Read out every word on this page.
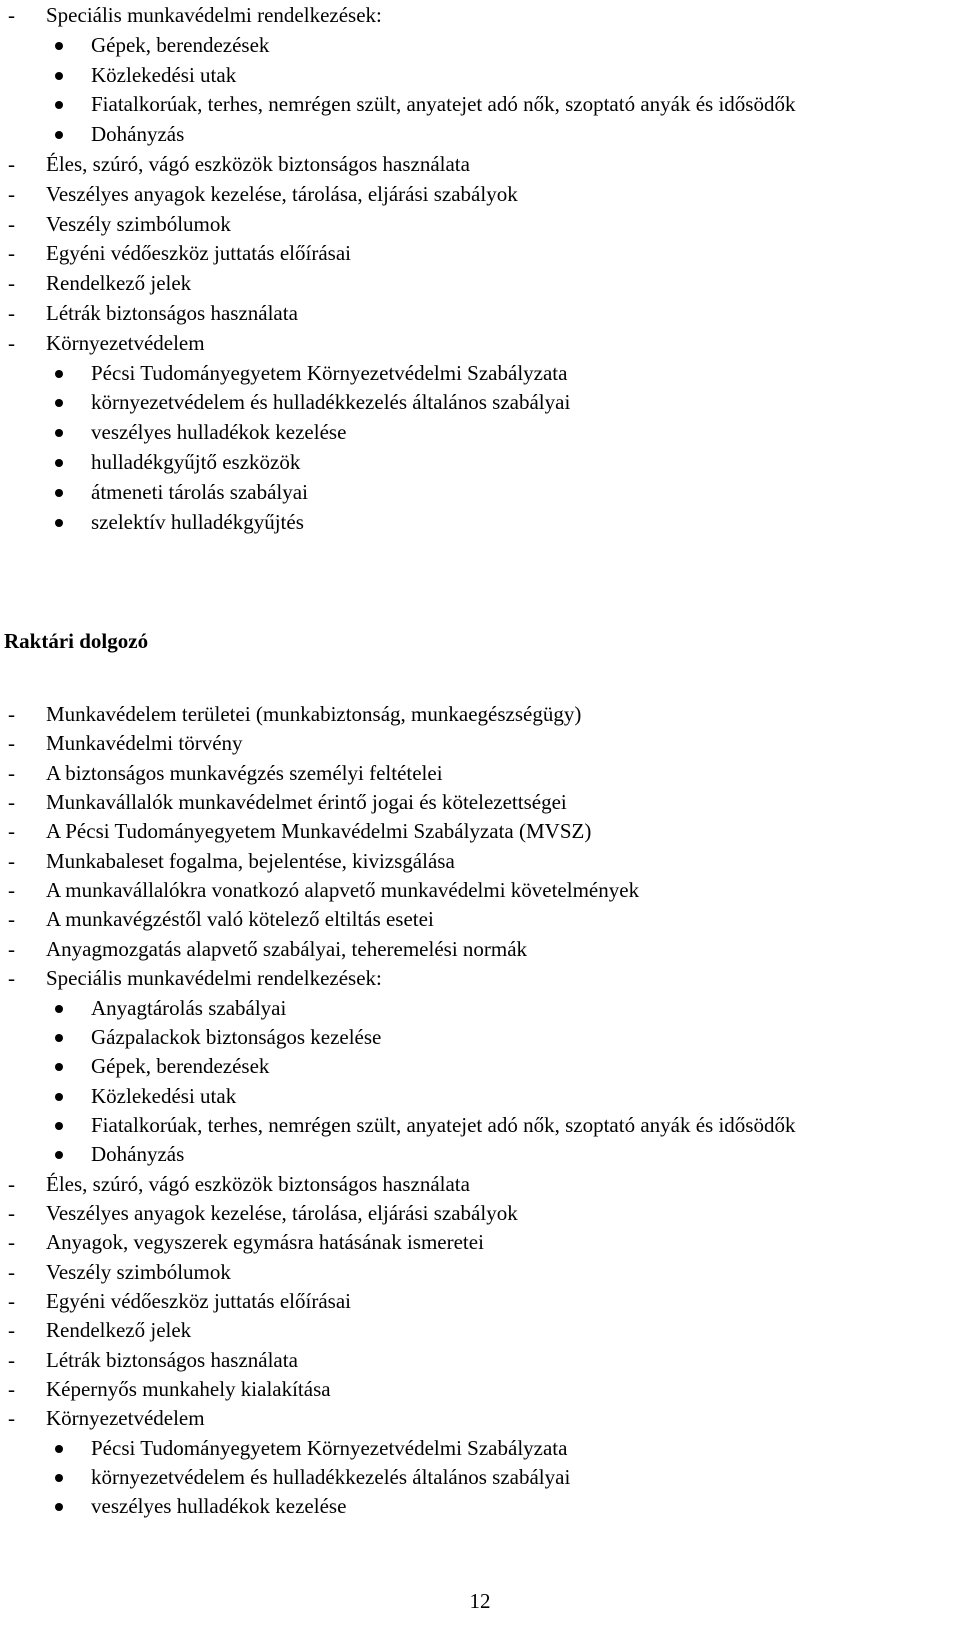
- Speciális munkavédelmi rendelkezések:
Gépek, berendezések
Közlekedési utak
Fiatalkorúak, terhes, nemrégen szült, anyatejet adó nők, szoptató anyák és idősödők
Dohányzás
- Éles, szúró, vágó eszközök biztonságos használata
- Veszélyes anyagok kezelése, tárolása, eljárási szabályok
- Veszély szimbólumok
- Egyéni védőeszköz juttatás előírásai
- Rendelkező jelek
- Létrák biztonságos használata
- Környezetvédelem
Pécsi Tudományegyetem Környezetvédelmi Szabályzata
környezetvédelem és hulladékkezelés általános szabályai
veszélyes hulladékok kezelése
hulladékgyűjtő eszközök
átmeneti tárolás szabályai
szelektív hulladékgyűjtés
Raktári dolgozó
- Munkavédelem területei (munkabiztonság, munkaegészségügy)
- Munkavédelmi törvény
- A biztonságos munkavégzés személyi feltételei
- Munkavállalók munkavédelmet érintő jogai és kötelezettségei
- A Pécsi Tudományegyetem Munkavédelmi Szabályzata (MVSZ)
- Munkabaleset fogalma, bejelentése, kivizsgálása
- A munkavállalókra vonatkozó alapvető munkavédelmi követelmények
- A munkavégzéstől való kötelező eltiltás esetei
- Anyagmozgatás alapvető szabályai, teheremelési normák
- Speciális munkavédelmi rendelkezések:
Anyagtárolás szabályai
Gázpalackok biztonságos kezelése
Gépek, berendezések
Közlekedési utak
Fiatalkorúak, terhes, nemrégen szült, anyatejet adó nők, szoptató anyák és idősödők
Dohányzás
- Éles, szúró, vágó eszközök biztonságos használata
- Veszélyes anyagok kezelése, tárolása, eljárási szabályok
- Anyagok, vegyszerek egymásra hatásának ismeretei
- Veszély szimbólumok
- Egyéni védőeszköz juttatás előírásai
- Rendelkező jelek
- Létrák biztonságos használata
- Képernyős munkahely kialakítása
- Környezetvédelem
Pécsi Tudományegyetem Környezetvédelmi Szabályzata
környezetvédelem és hulladékkezelés általános szabályai
veszélyes hulladékok kezelése
12
